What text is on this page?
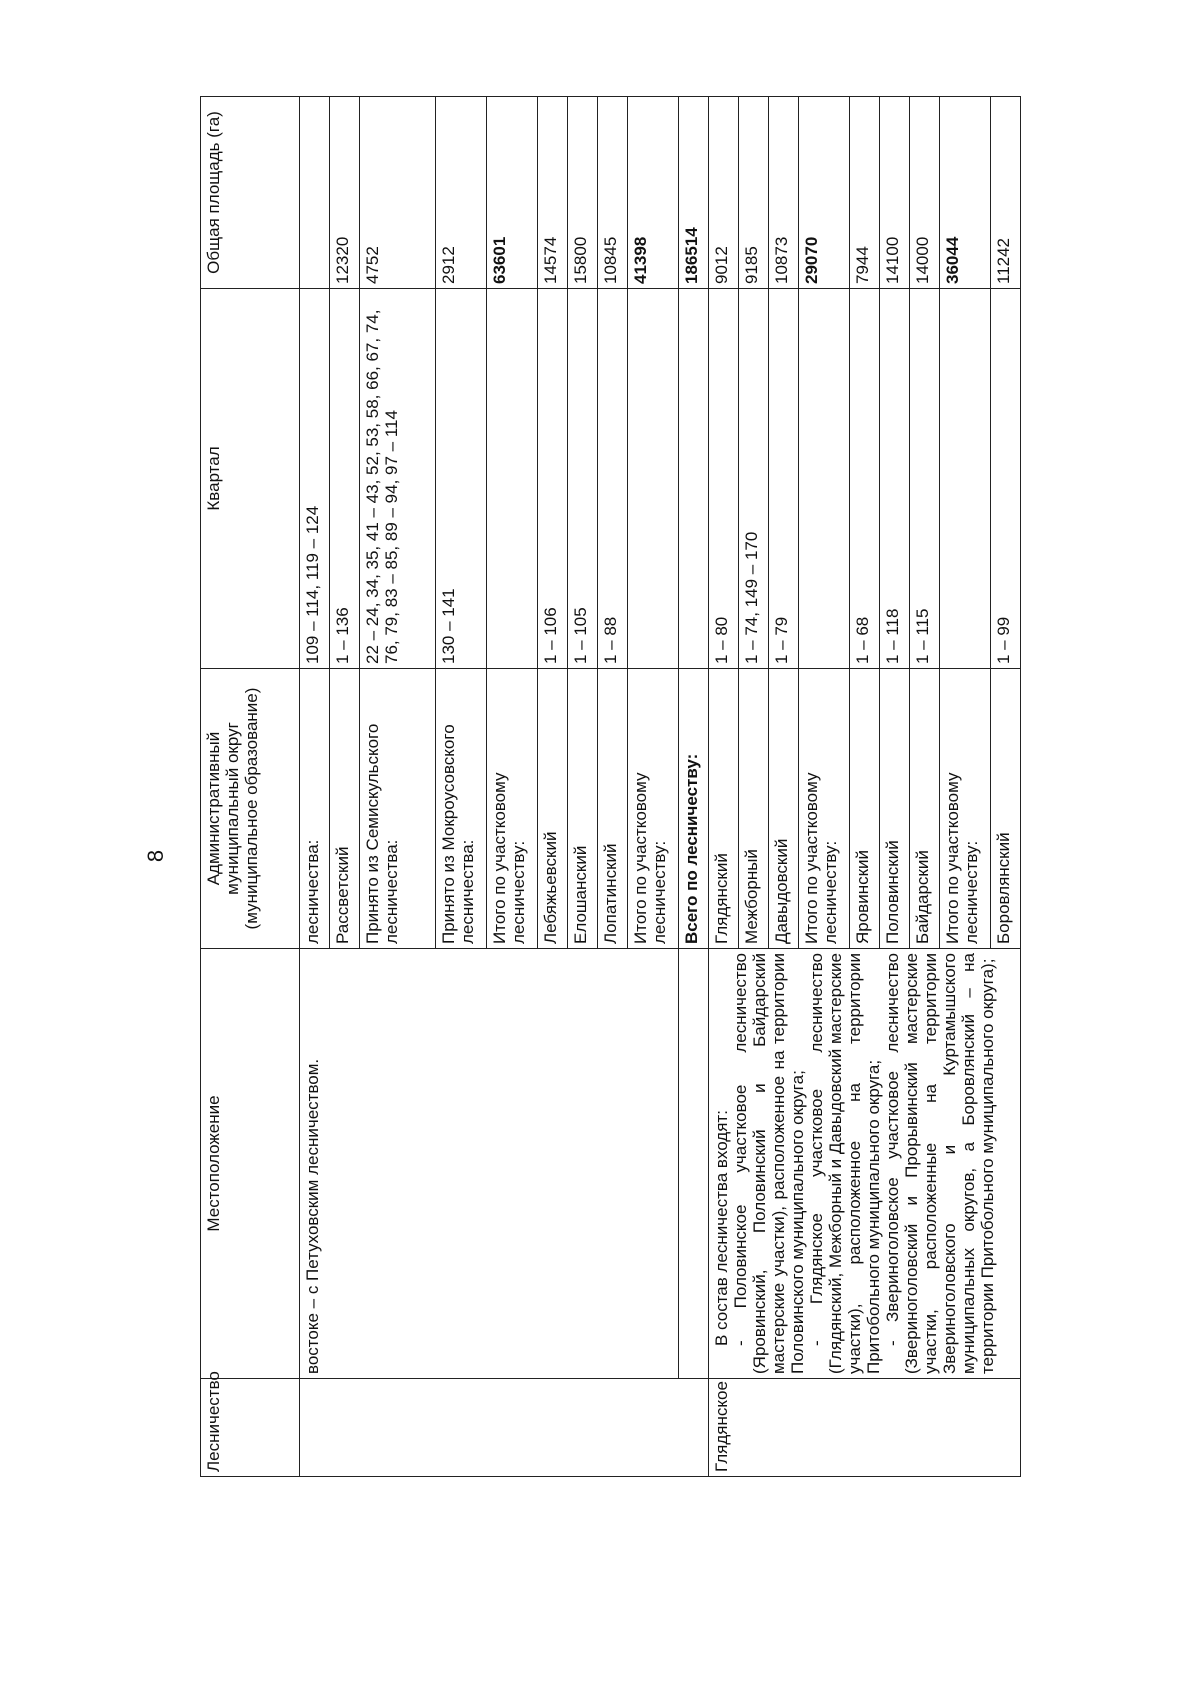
8
Лесничество	Местоположение	Административный муниципальный округ (муниципальное образование)	Квартал	Общая площадь (га)
	востоке – с Петуховским лесничеством.	лесничества:	109 – 114, 119 – 124	
		Рассветский	1 – 136	12320
		Принято из Семискульского лесничества:	22 – 24, 34, 35, 41 – 43, 52, 53, 58, 66, 67, 74, 76, 79, 83 – 85, 89 – 94, 97 – 114	4752
		Принято из Мокроусовского лесничества:	130 – 141	2912
		Итого по участковому лесничеству:		63601
		Лебяжьевский	1 – 106	14574
		Елошанский	1 – 105	15800
		Лопатинский	1 – 88	10845
		Итого по участковому лесничеству:		41398
		Всего по лесничеству:		186514
Глядянское	В состав лесничества входят: - Половинское участковое лесничество (Яровинский, Половинский и Байдарский мастерские участки), расположенное на территории Половинского муниципального округа; - Глядянское участковое лесничество (Глядянский, Межборный и Давыдовский мастерские участки), расположенное на территории Притобольного муниципального округа; - Звериноголовское участковое лесничество (Звериноголовский и Прорывинский мастерские участки, расположенные на территории Звериноголовского и Куртамышского муниципальных округов, а Боровлянский – на территории Притобольного муниципального округа);	Глядянский	1 – 80	9012
		Межборный	1 – 74, 149 – 170	9185
		Давыдовский	1 – 79	10873
		Итого по участковому лесничеству:		29070
		Яровинский	1 – 68	7944
		Половинский	1 – 118	14100
		Байдарский	1 – 115	14000
		Итого по участковому лесничеству:		36044
		Боровлянский	1 – 99	11242
